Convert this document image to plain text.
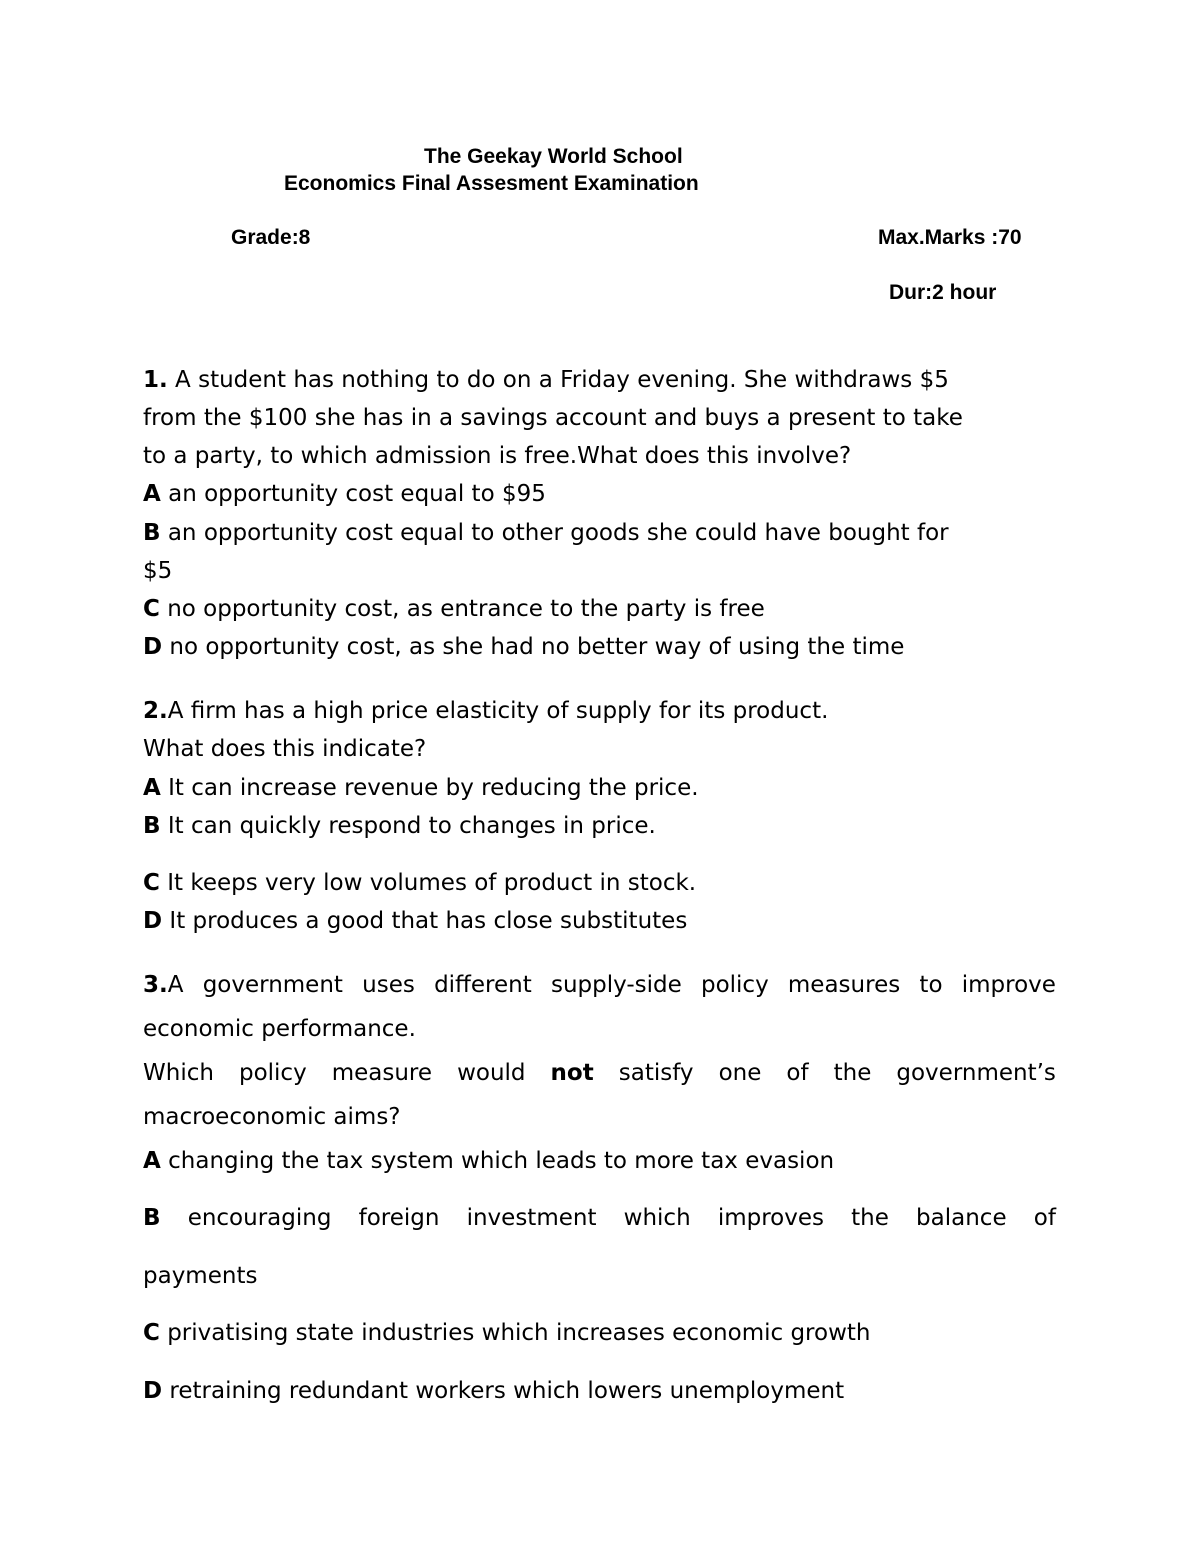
The Geekay World School
Economics Final Assesment Examination
Grade:8	Max.Marks :70
Dur:2 hour
1. A student has nothing to do on a Friday evening. She withdraws $5
from the $100 she has in a savings account and buys a present to take
to a party, to which admission is free.What does this involve?
A an opportunity cost equal to $95
B an opportunity cost equal to other goods she could have bought for
$5
C no opportunity cost, as entrance to the party is free
D no opportunity cost, as she had no better way of using the time
2.A firm has a high price elasticity of supply for its product.
What does this indicate?
A It can increase revenue by reducing the price.
B It can quickly respond to changes in price.
C It keeps very low volumes of product in stock.
D It produces a good that has close substitutes
3.A government uses different supply-side policy measures to improve
economic performance.
Which policy measure would not satisfy one of the government’s
macroeconomic aims?
A changing the tax system which leads to more tax evasion
B encouraging foreign investment which improves the balance of
payments
C privatising state industries which increases economic growth
D retraining redundant workers which lowers unemployment
